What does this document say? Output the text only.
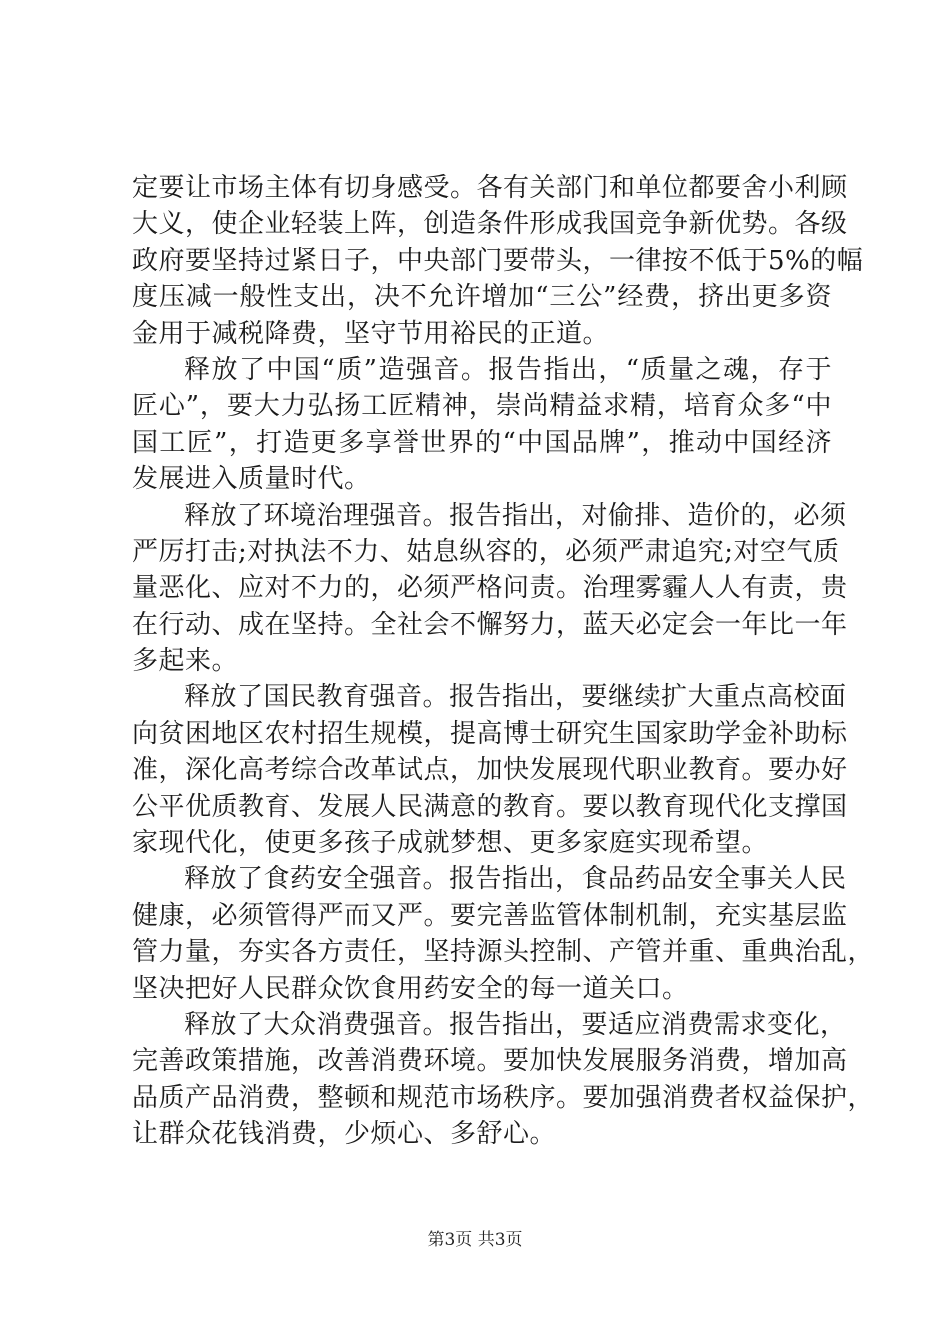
定要让市场主体有切身感受。各有关部门和单位都要舍小利顾
大义，使企业轻装上阵，创造条件形成我国竞争新优势。各级
政府要坚持过紧日子，中央部门要带头，一律按不低于5%的幅
度压减一般性支出，决不允许增加“三公”经费，挤出更多资
金用于减税降费，坚守节用裕民的正道。
释放了中国“质”造强音。报告指出，“质量之魂，存于
匠心”，要大力弘扬工匠精神，崇尚精益求精，培育众多“中
国工匠”，打造更多享誉世界的“中国品牌”，推动中国经济
发展进入质量时代。
释放了环境治理强音。报告指出，对偷排、造价的，必须
严厉打击;对执法不力、姑息纵容的，必须严肃追究;对空气质
量恶化、应对不力的，必须严格问责。治理雾霾人人有责，贵
在行动、成在坚持。全社会不懈努力，蓝天必定会一年比一年
多起来。
释放了国民教育强音。报告指出，要继续扩大重点高校面
向贫困地区农村招生规模，提高博士研究生国家助学金补助标
准，深化高考综合改革试点，加快发展现代职业教育。要办好
公平优质教育、发展人民满意的教育。要以教育现代化支撑国
家现代化，使更多孩子成就梦想、更多家庭实现希望。
释放了食药安全强音。报告指出，食品药品安全事关人民
健康，必须管得严而又严。要完善监管体制机制，充实基层监
管力量，夯实各方责任，坚持源头控制、产管并重、重典治乱，
坚决把好人民群众饮食用药安全的每一道关口。
释放了大众消费强音。报告指出，要适应消费需求变化，
完善政策措施，改善消费环境。要加快发展服务消费，增加高
品质产品消费，整顿和规范市场秩序。要加强消费者权益保护，
让群众花钱消费，少烦心、多舒心。
第3页 共3页
